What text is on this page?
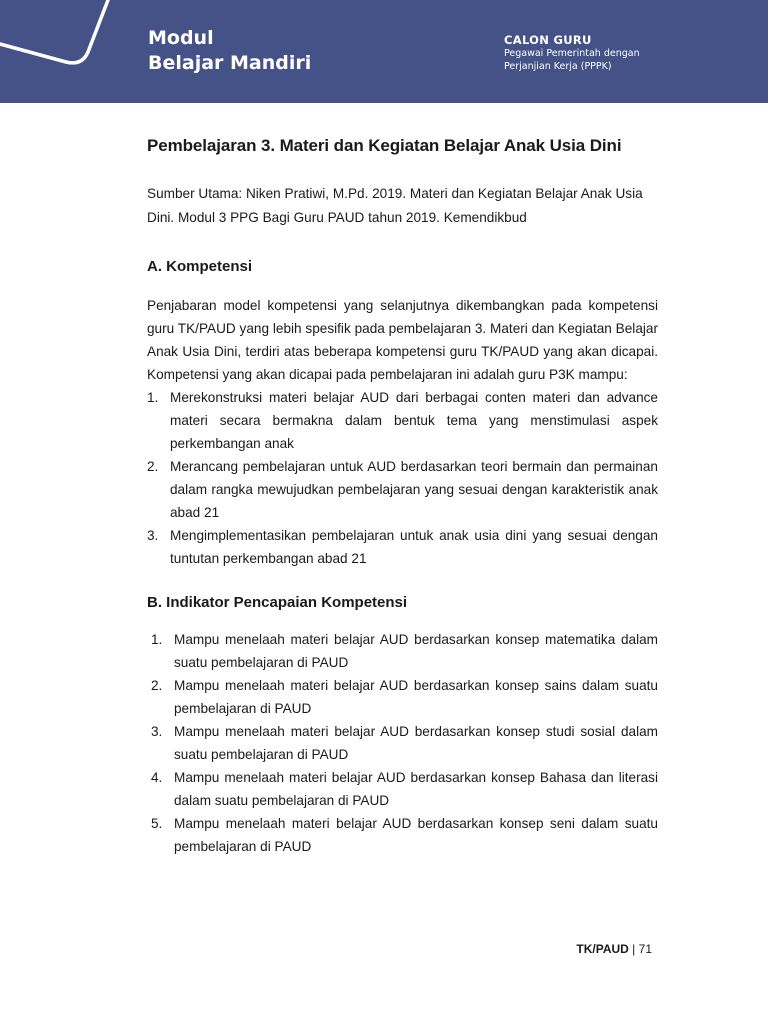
Modul
Belajar Mandiri
CALON GURU
Pegawai Pemerintah dengan
Perjanjian Kerja (PPPK)
Pembelajaran 3. Materi dan Kegiatan Belajar Anak Usia Dini

Sumber Utama: Niken Pratiwi, M.Pd. 2019. Materi dan Kegiatan Belajar Anak Usia Dini. Modul 3 PPG Bagi Guru PAUD tahun 2019. Kemendikbud

A. Kompetensi

Penjabaran model kompetensi yang selanjutnya dikembangkan pada kompetensi guru TK/PAUD yang lebih spesifik pada pembelajaran 3. Materi dan Kegiatan Belajar Anak Usia Dini, terdiri atas beberapa kompetensi guru TK/PAUD yang akan dicapai. Kompetensi yang akan dicapai pada pembelajaran ini adalah guru P3K mampu:

1. Merekonstruksi materi belajar AUD dari berbagai conten materi dan advance materi secara bermakna dalam bentuk tema yang menstimulasi aspek perkembangan anak
2. Merancang pembelajaran untuk AUD berdasarkan teori bermain dan permainan dalam rangka mewujudkan pembelajaran yang sesuai dengan karakteristik anak abad 21
3. Mengimplementasikan pembelajaran untuk anak usia dini yang sesuai dengan tuntutan perkembangan abad 21
B. Indikator Pencapaian Kompetensi
1. Mampu menelaah materi belajar AUD berdasarkan konsep matematika dalam suatu pembelajaran di PAUD
2. Mampu menelaah materi belajar AUD berdasarkan konsep sains dalam suatu pembelajaran di PAUD
3. Mampu menelaah materi belajar AUD berdasarkan konsep studi sosial dalam suatu pembelajaran di PAUD
4. Mampu menelaah materi belajar AUD berdasarkan konsep Bahasa dan literasi dalam suatu pembelajaran di PAUD
5. Mampu menelaah materi belajar AUD berdasarkan konsep seni dalam suatu pembelajaran di PAUD
TK/PAUD | 71
